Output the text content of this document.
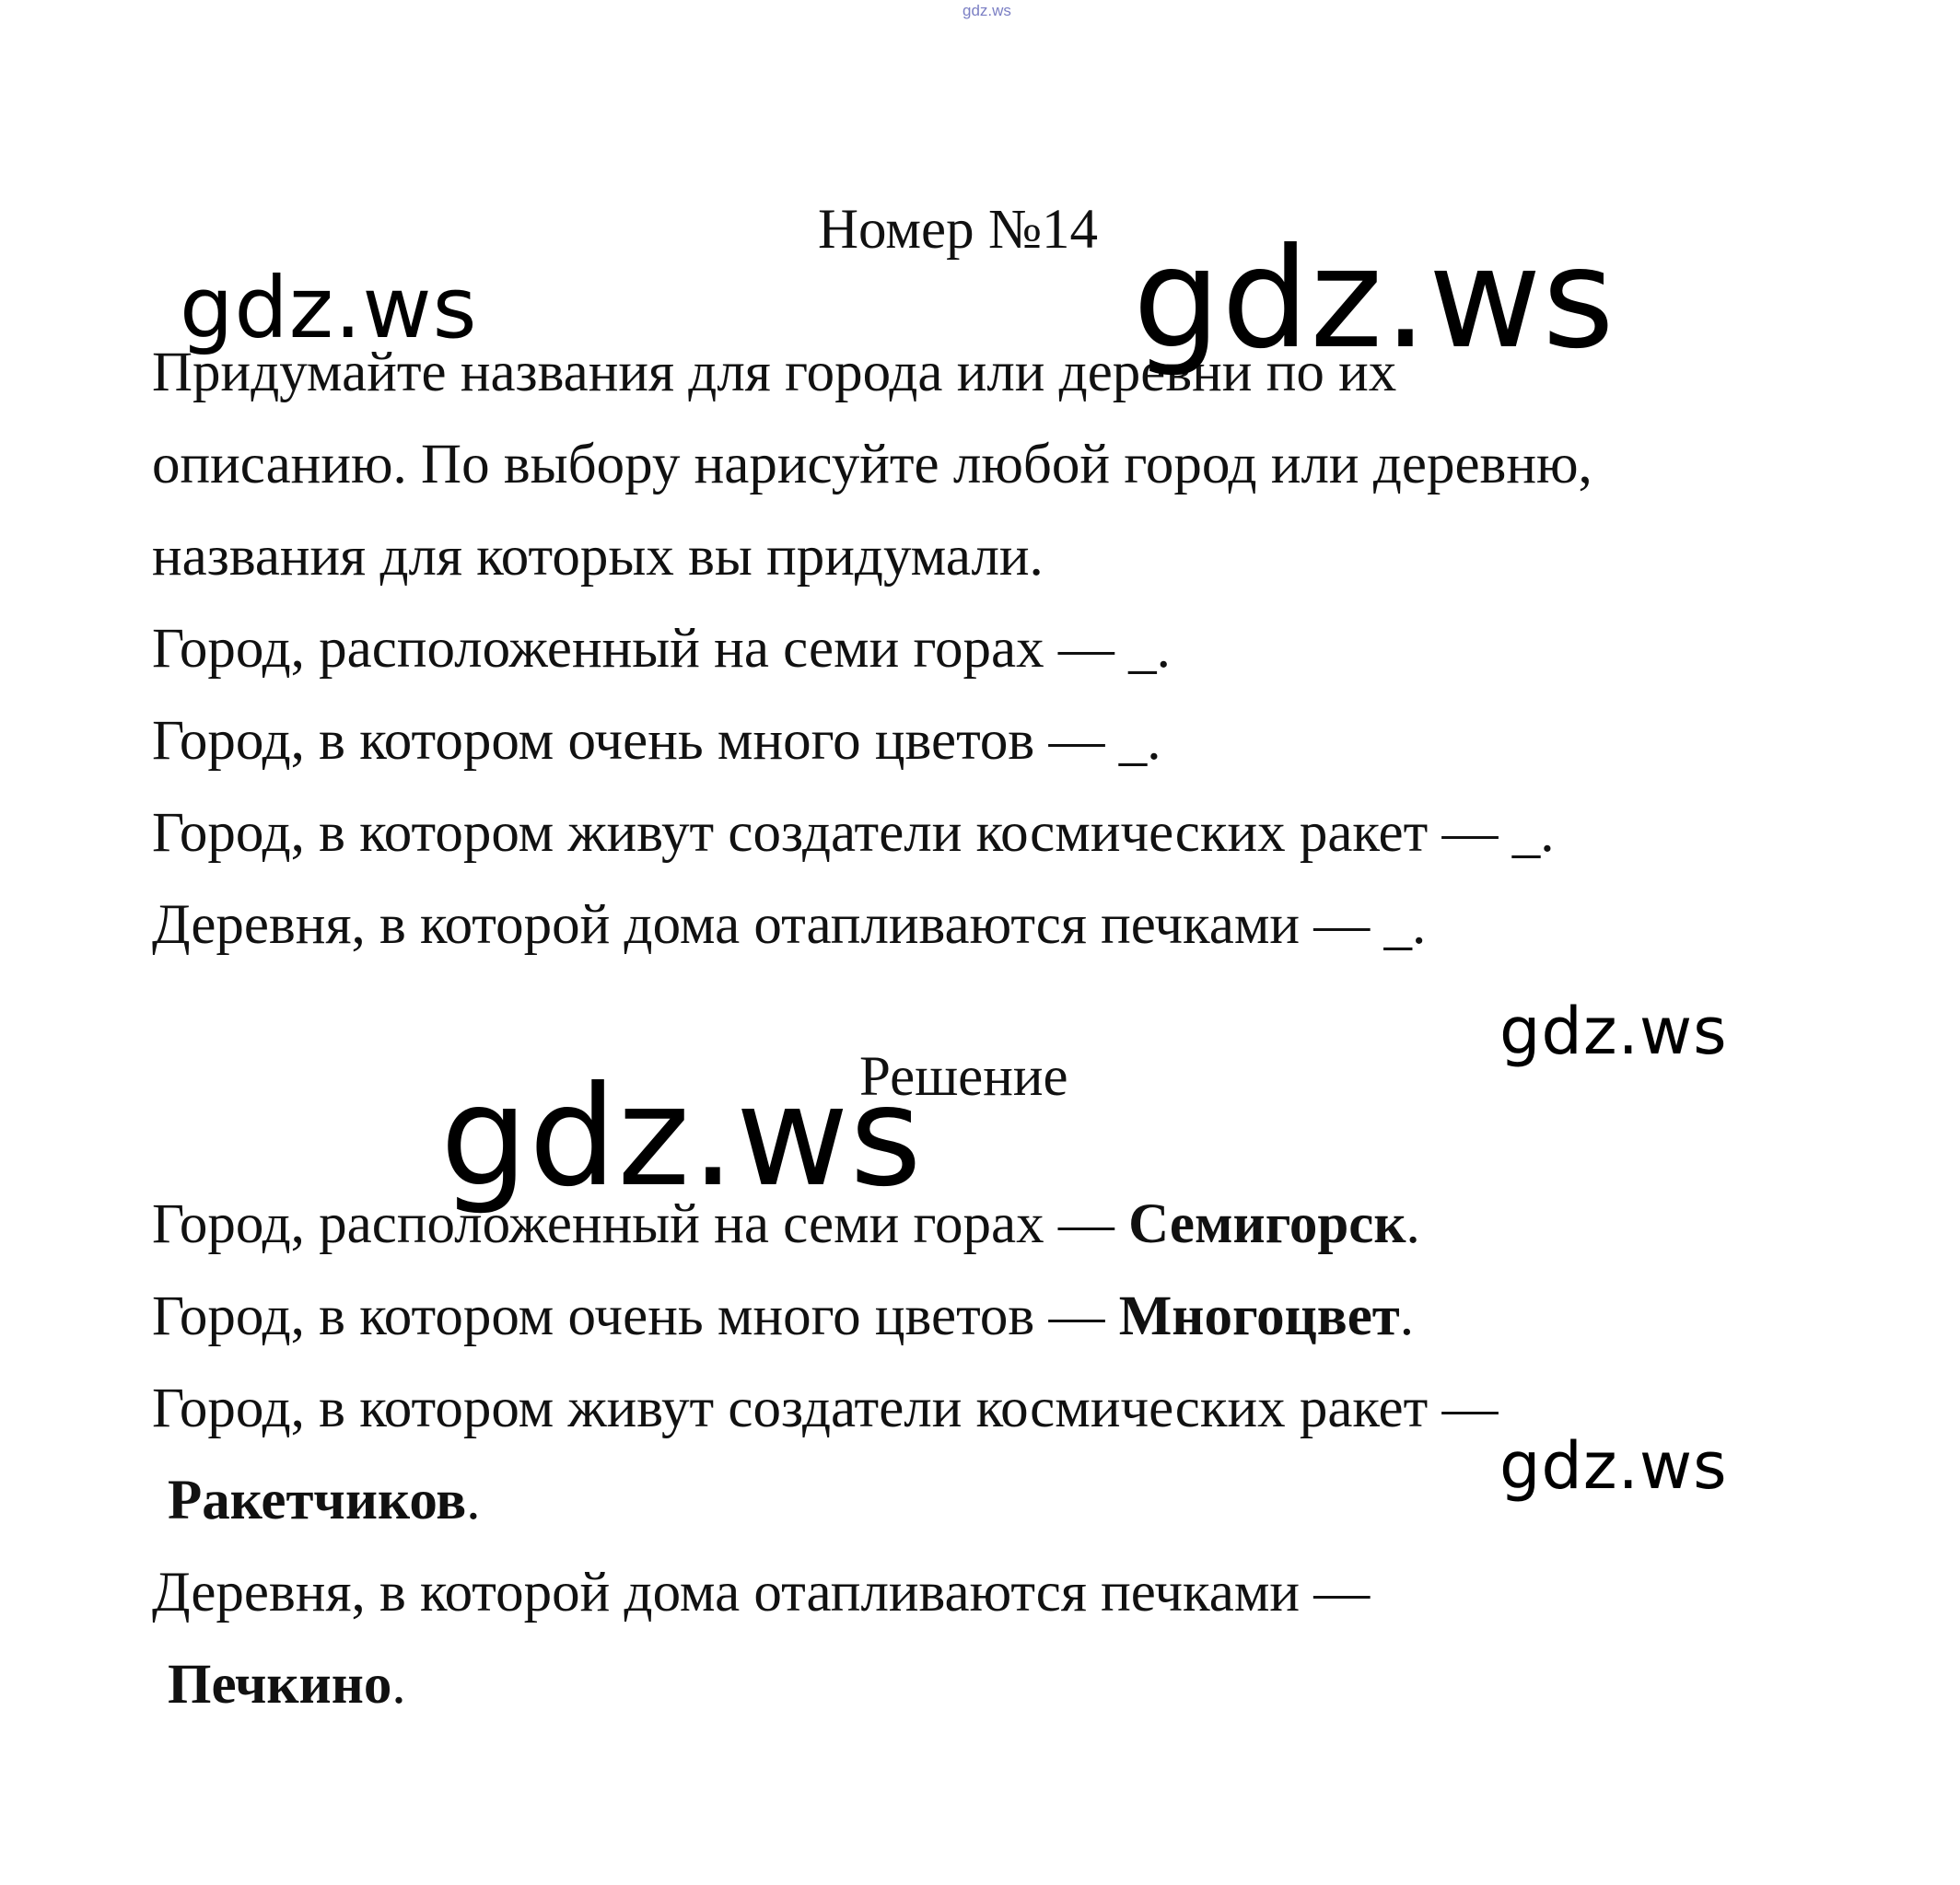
gdz.ws
Номер №14
Придумайте названия для города или деревни по их
описанию. По выбору нарисуйте любой город или деревню,
названия для которых вы придумали.
Город, расположенный на семи горах — _.
Город, в котором очень много цветов — _.
Город, в котором живут создатели космических ракет — _.
Деревня, в которой дома отапливаются печками — _.
Решение
Город, расположенный на семи горах — Семигорск.
Город, в котором очень много цветов — Многоцвет.
Город, в котором живут создатели космических ракет —
Ракетчиков.
Деревня, в которой дома отапливаются печками —
Печкино.
gdz.ws	gdz.ws
gdz.ws
gdz.ws
gdz.ws
